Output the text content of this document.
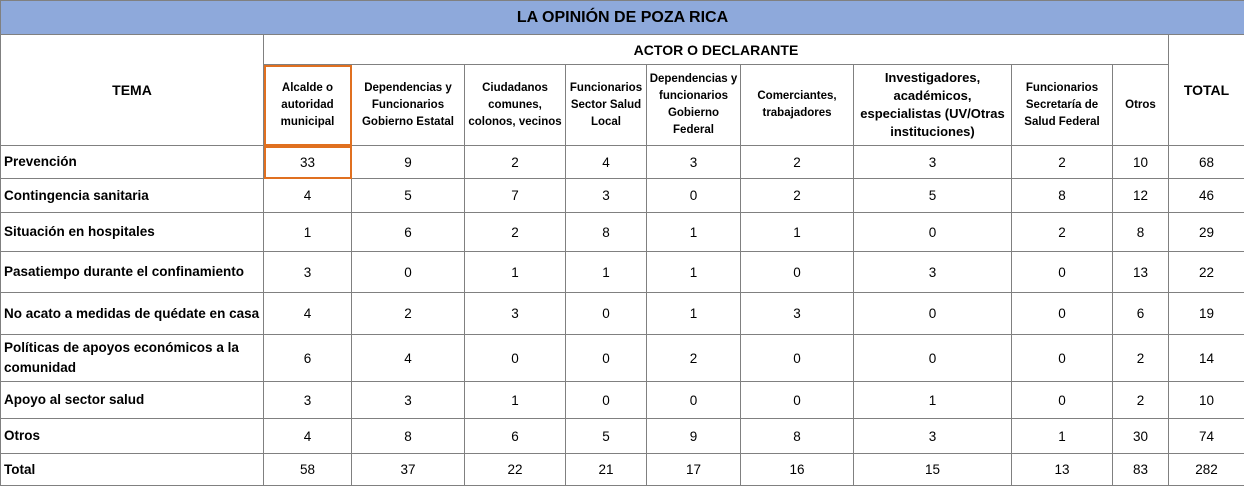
LA OPINIÓN DE POZA RICA										
TEMA	ACTOR O DECLARANTE									TOTAL
	Alcalde o autoridad municipal	Dependencias y Funcionarios Gobierno Estatal	Ciudadanos comunes, colonos, vecinos	Funcionarios Sector Salud Local	Dependencias y funcionarios Gobierno Federal	Comerciantes, trabajadores	Investigadores, académicos, especialistas (UV/Otras instituciones)	Funcionarios Secretaría de Salud Federal	Otros	
Prevención	33	9	2	4	3	2	3	2	10	68
Contingencia sanitaria	4	5	7	3	0	2	5	8	12	46
Situación en hospitales	1	6	2	8	1	1	0	2	8	29
Pasatiempo durante el confinamiento	3	0	1	1	1	0	3	0	13	22
No acato a medidas de quédate en casa	4	2	3	0	1	3	0	0	6	19
Políticas de apoyos económicos a la comunidad	6	4	0	0	2	0	0	0	2	14
Apoyo al sector salud	3	3	1	0	0	0	1	0	2	10
Otros	4	8	6	5	9	8	3	1	30	74
Total	58	37	22	21	17	16	15	13	83	282
